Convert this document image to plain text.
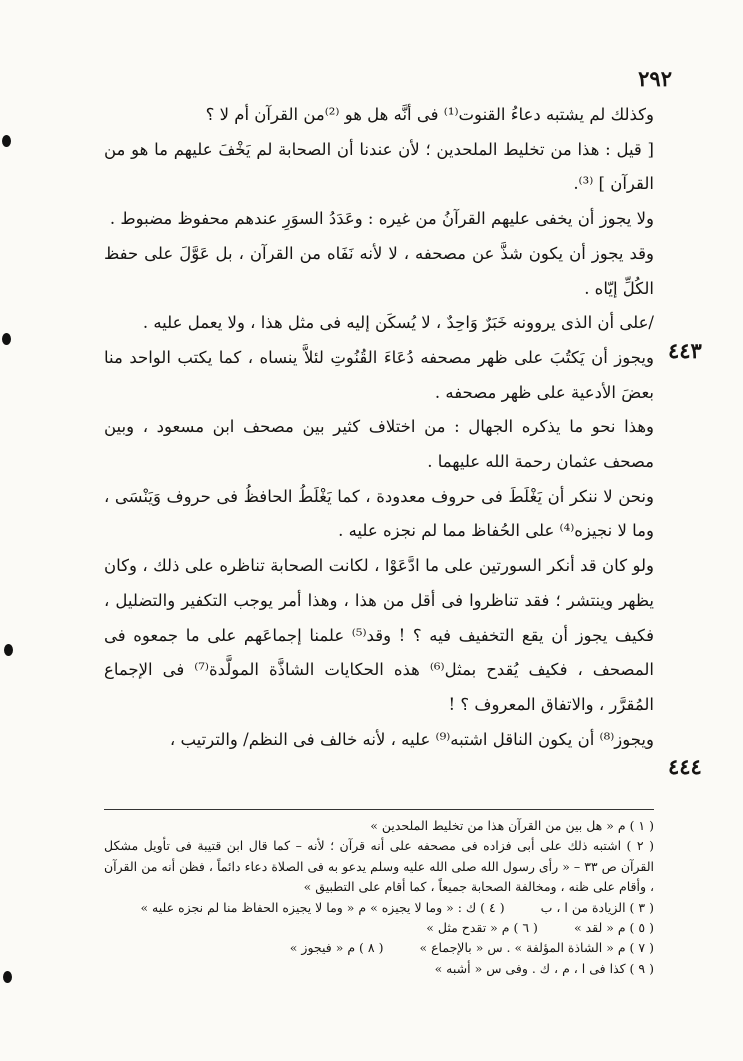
٢٩٢
٤٤٣
٤٤٤

وكذلك لم يشتبه دعاءُ القنوت⁽¹⁾ فى أنَّه هل هو ⁽²⁾من القرآن أم لا ؟

[ قيل : هذا من تخليط الملحدين ؛ لأن عندنا أن الصحابة لم يَخْفَ عليهم ما هو من القرآن ] ⁽³⁾.

ولا يجوز أن يخفى عليهم القرآنُ من غيره : وعَدَدُ السوَرِ عندهم محفوظ مضبوط .

وقد يجوز أن يكون شذَّ عن مصحفه ، لا لأنه نَفَاه من القرآن ، بل عَوَّلَ على حفظ الكُلِّ إيّاه .

/على أن الذى يروونه خَبَرٌ وَاحِدٌ ، لا يُسكَن إليه فى مثل هذا ، ولا يعمل عليه .

ويجوز أن يَكتُبَ على ظهر مصحفه دُعَاءَ القُنُوتِ لئلاَّ ينساه ، كما يكتب الواحد منا بعضَ الأدعية على ظهر مصحفه .

وهذا نحو ما يذكره الجهال : من اختلاف كثير بين مصحف ابن مسعود ، وبين مصحف عثمان رحمة الله عليهما .

ونحن لا ننكر أن يَغْلَطَ فى حروف معدودة ، كما يَغْلَطُ الحافظُ فى حروف وَيَنْسَى ، وما لا نجيزه⁽⁴⁾ على الحُفاظ مما لم نجزه عليه .

ولو كان قد أنكر السورتين على ما ادَّعَوْا ، لكانت الصحابة تناظره على ذلك ، وكان يظهر وينتشر ؛ فقد تناظروا فى أقل من هذا ، وهذا أمر يوجب التكفير والتضليل ، فكيف يجوز أن يقع التخفيف فيه ؟ ! وقد⁽⁵⁾ علمنا إجماعَهم على ما جمعوه فى المصحف ، فكيف يُقدح بمثل⁽⁶⁾ هذه الحكايات الشاذَّة المولَّدة⁽⁷⁾ فى الإجماع المُقرَّر ، والاتفاق المعروف ؟ !

ويجوز⁽⁸⁾ أن يكون الناقل اشتبه⁽⁹⁾ عليه ، لأنه خالف فى النظم/ والترتيب ،

( ١ ) م « هل بين من القرآن هذا من تخليط الملحدين »

( ٢ ) اشتبه ذلك على أبى فزاده فى مصحفه على أنه قرآن ؛ لأنه – كما قال ابن قتيبة فى تأويل مشكل القرآن ص ٣٣ – « رأى رسول الله صلى الله عليه وسلم يدعو به فى الصلاة دعاء دائماً ، فظن أنه من القرآن ، وأقام على ظنه ، ومخالفة الصحابة جميعاً ، كما أقام على التطبيق »

( ٣ ) الزيادة من ا ، ب
( ٤ ) ك : « وما لا يجيزه » م « وما لا يجيزه الحفاظ منا لم نجزه عليه »
( ٥ ) م « لقد »
( ٦ ) م « تقدح مثل »
( ٧ ) م « الشاذة المؤلفة » . س « بالإجماع »
( ٨ ) م « فيجوز »

( ٩ ) كذا فى ا ، م ، ك . وفى س « أشبه »
